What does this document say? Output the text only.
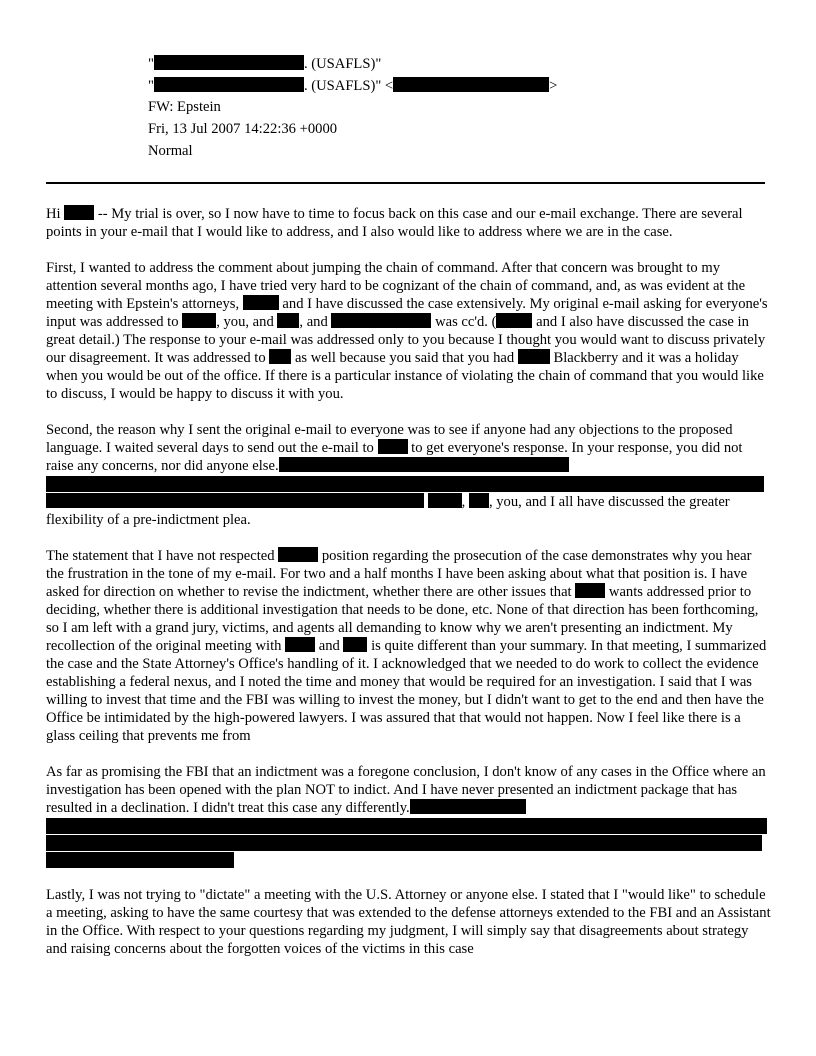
"	. (USAFLS)"
"	. (USAFLS)" <	>
FW: Epstein
Fri, 13 Jul 2007 14:22:36 +0000
Normal

Hi  -- My trial is over, so I now have to time to focus back on this case and our e-mail exchange. There are several points in your e-mail that I would like to address, and I also would like to address where we are in the case.

First, I wanted to address the comment about jumping the chain of command. After that concern was brought to my attention several months ago, I have tried very hard to be cognizant of the chain of command, and, as was evident at the meeting with Epstein's attorneys,  and I have discussed the case extensively. My original e-mail asking for everyone's input was addressed to , you, and , and	was cc'd. ( and I also have discussed the case in great detail.) The response to your e-mail was addressed only to you because I thought you would want to discuss privately our disagreement. It was addressed to  as well because you said that you had  Blackberry and it was a holiday when you would be out of the office. If there is a particular instance of violating the chain of command that you would like to discuss, I would be happy to discuss it with you.

Second, the reason why I sent the original e-mail to everyone was to see if anyone had any objections to the proposed language. I waited several days to send out the e-mail to  to get everyone's response. In your response, you did not raise any concerns, nor did anyone else.
, , you, and I all have discussed the greater flexibility of a pre-indictment plea.

The statement that I have not respected	position regarding the prosecution of the case demonstrates why you hear the frustration in the tone of my e-mail. For two and a half months I have been asking about what that position is. I have asked for direction on whether to revise the indictment, whether there are other issues that  wants addressed prior to deciding, whether there is additional investigation that needs to be done, etc. None of that direction has been forthcoming, so I am left with a grand jury, victims, and agents all demanding to know why we aren't presenting an indictment. My recollection of the original meeting with  and  is quite different than your summary. In that meeting, I summarized the case and the State Attorney's Office's handling of it. I acknowledged that we needed to do work to collect the evidence establishing a federal nexus, and I noted the time and money that would be required for an investigation. I said that I was willing to invest that time and the FBI was willing to invest the money, but I didn't want to get to the end and then have the Office be intimidated by the high-powered lawyers. I was assured that that would not happen. Now I feel like there is a glass ceiling that prevents me from

As far as promising the FBI that an indictment was a foregone conclusion, I don't know of any cases in the Office where an investigation has been opened with the plan NOT to indict. And I have never presented an indictment package that has resulted in a declination. I didn't treat this case any differently.

Lastly, I was not trying to "dictate" a meeting with the U.S. Attorney or anyone else. I stated that I "would like" to schedule a meeting, asking to have the same courtesy that was extended to the defense attorneys extended to the FBI and an Assistant in the Office. With respect to your questions regarding my judgment, I will simply say that disagreements about strategy and raising concerns about the forgotten voices of the victims in this case
